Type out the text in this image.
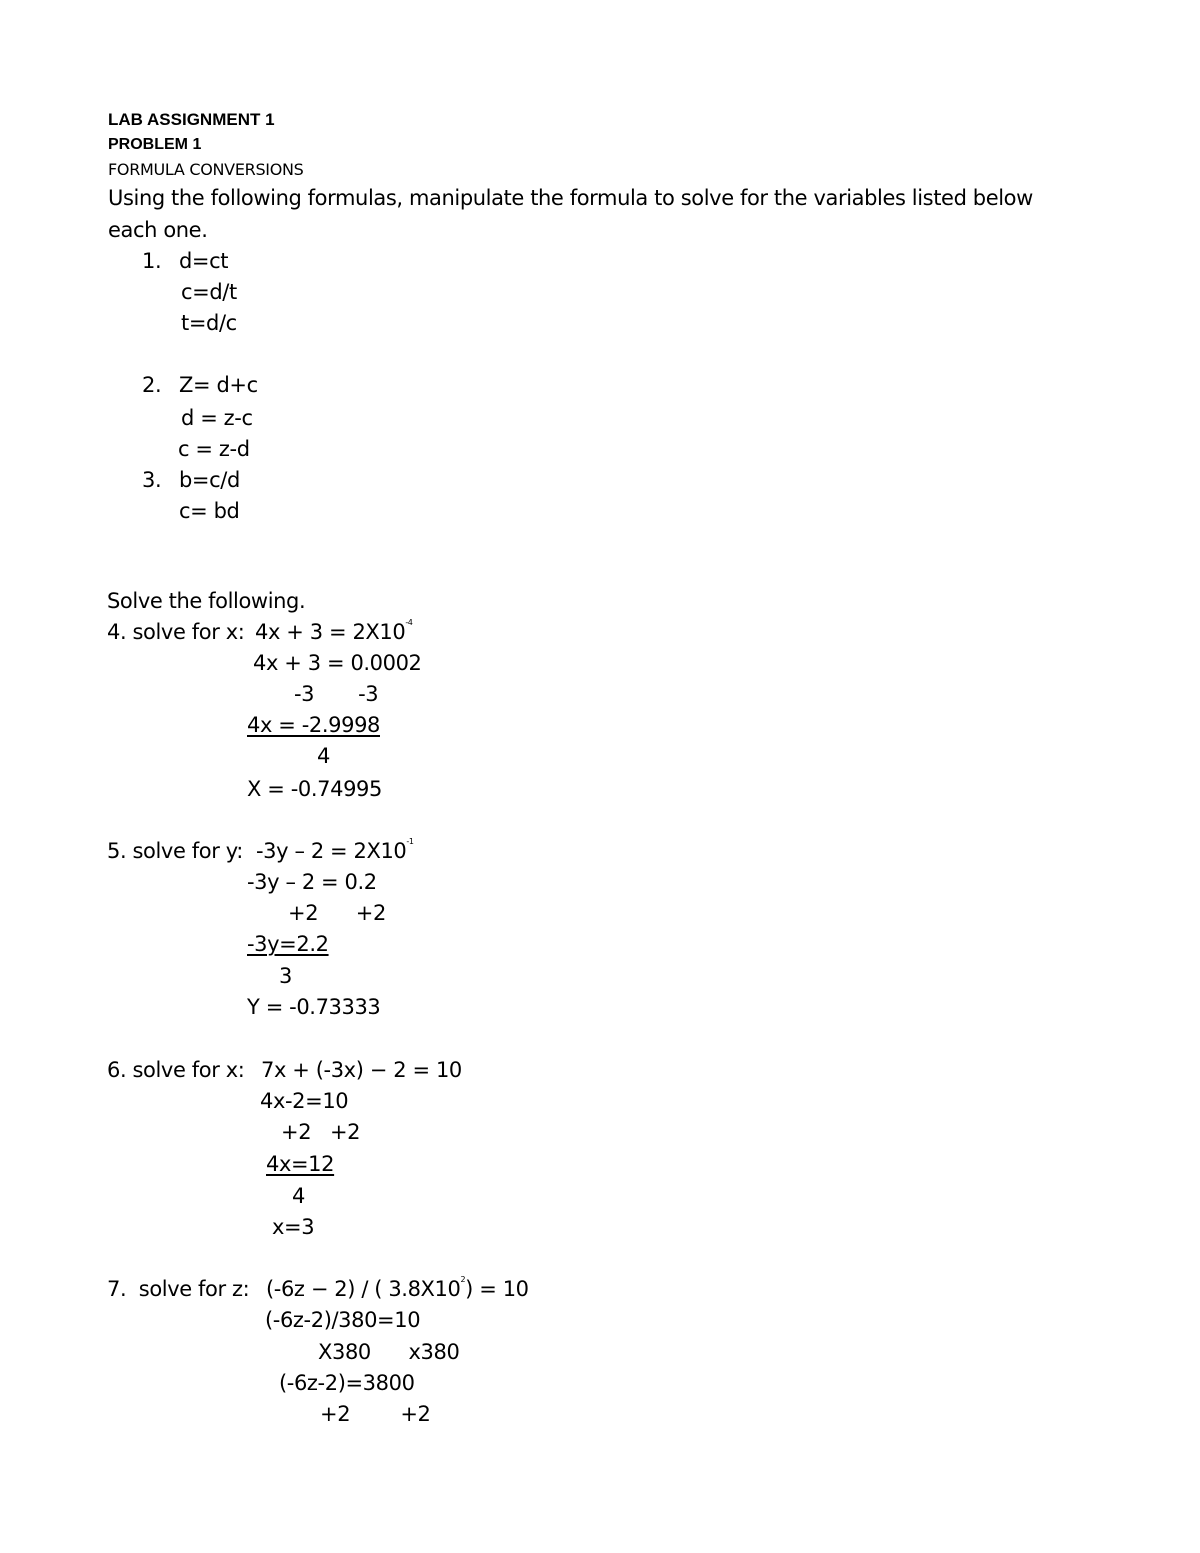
LAB ASSIGNMENT 1
PROBLEM 1
FORMULA CONVERSIONS
Using the following formulas, manipulate the formula to solve for the variables listed below
each one.
1. d=ct
c=d/t
t=d/c
2. Z= d+c
d = z-c
c = z-d
3. b=c/d
c= bd
Solve the following.
4. solve for x: $4x + 3 = 2X10^{-4}$
4x + 3 = 0.0002
-3       -3
4x = -2.9998
4
X = -0.74995
5. solve for y: $-3y - 2 = 2X10^{-1}$
-3y – 2 = 0.2
+2      +2
-3y=2.2
3
Y = -0.73333
6. solve for x: 7x + (-3x) − 2 = 10
4x-2=10
+2   +2
4x=12
4
x=3
7.  solve for z: (-6z − 2) / ( $3.8X10^2) = 10$
(-6z-2)/380=10
X380      x380
(-6z-2)=3800
+2        +2
